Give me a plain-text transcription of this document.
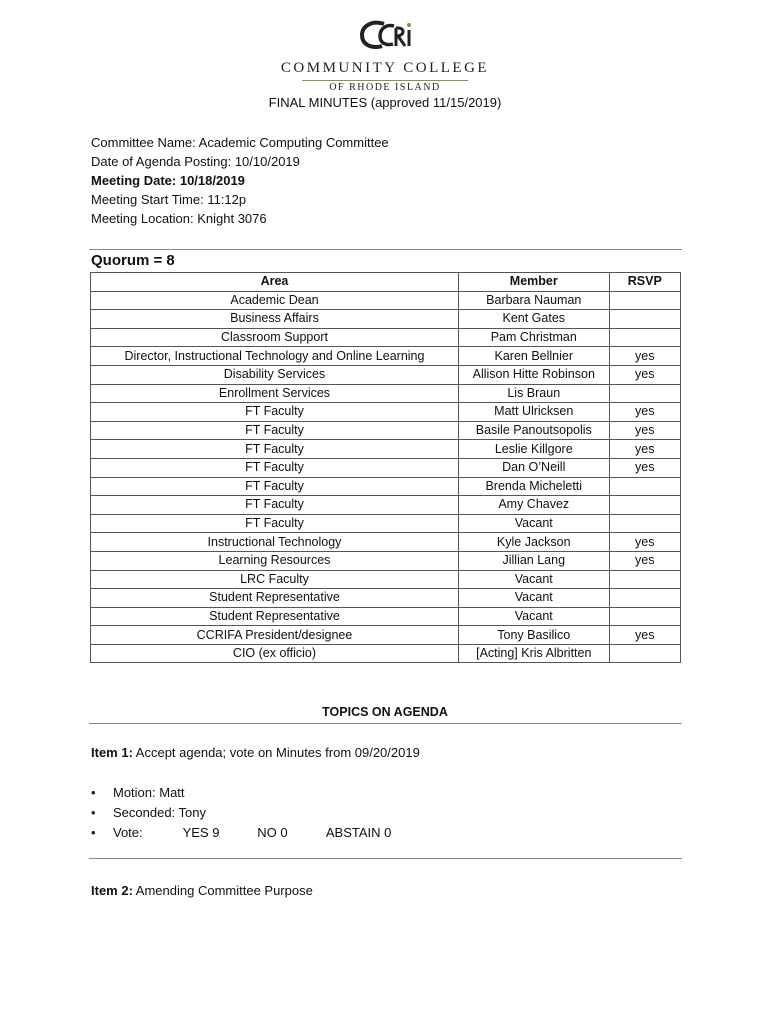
COMMUNITY COLLEGE
OF RHODE ISLAND
FINAL MINUTES (approved 11/15/2019)
Committee Name: Academic Computing Committee
Date of Agenda Posting: 10/10/2019
Meeting Date: 10/18/2019
Meeting Start Time: 11:12p
Meeting Location: Knight 3076
Quorum = 8
Area	Member	RSVP
Academic Dean	Barbara Nauman	
Business Affairs	Kent Gates	
Classroom Support	Pam Christman	
Director, Instructional Technology and Online Learning	Karen Bellnier	yes
Disability Services	Allison Hitte Robinson	yes
Enrollment Services	Lis Braun	
FT Faculty	Matt Ulricksen	yes
FT Faculty	Basile Panoutsopolis	yes
FT Faculty	Leslie Killgore	yes
FT Faculty	Dan O’Neill	yes
FT Faculty	Brenda Micheletti	
FT Faculty	Amy Chavez	
FT Faculty	Vacant	
Instructional Technology	Kyle Jackson	yes
Learning Resources	Jillian Lang	yes
LRC Faculty	Vacant	
Student Representative	Vacant	
Student Representative	Vacant	
CCRIFA President/designee	Tony Basilico	yes
CIO (ex officio)	[Acting] Kris Albritten	
TOPICS ON AGENDA
Item 1: Accept agenda; vote on Minutes from 09/20/2019
• Motion: Matt
• Seconded: Tony
• Vote:	YES 9	NO 0	ABSTAIN 0
Item 2: Amending Committee Purpose
